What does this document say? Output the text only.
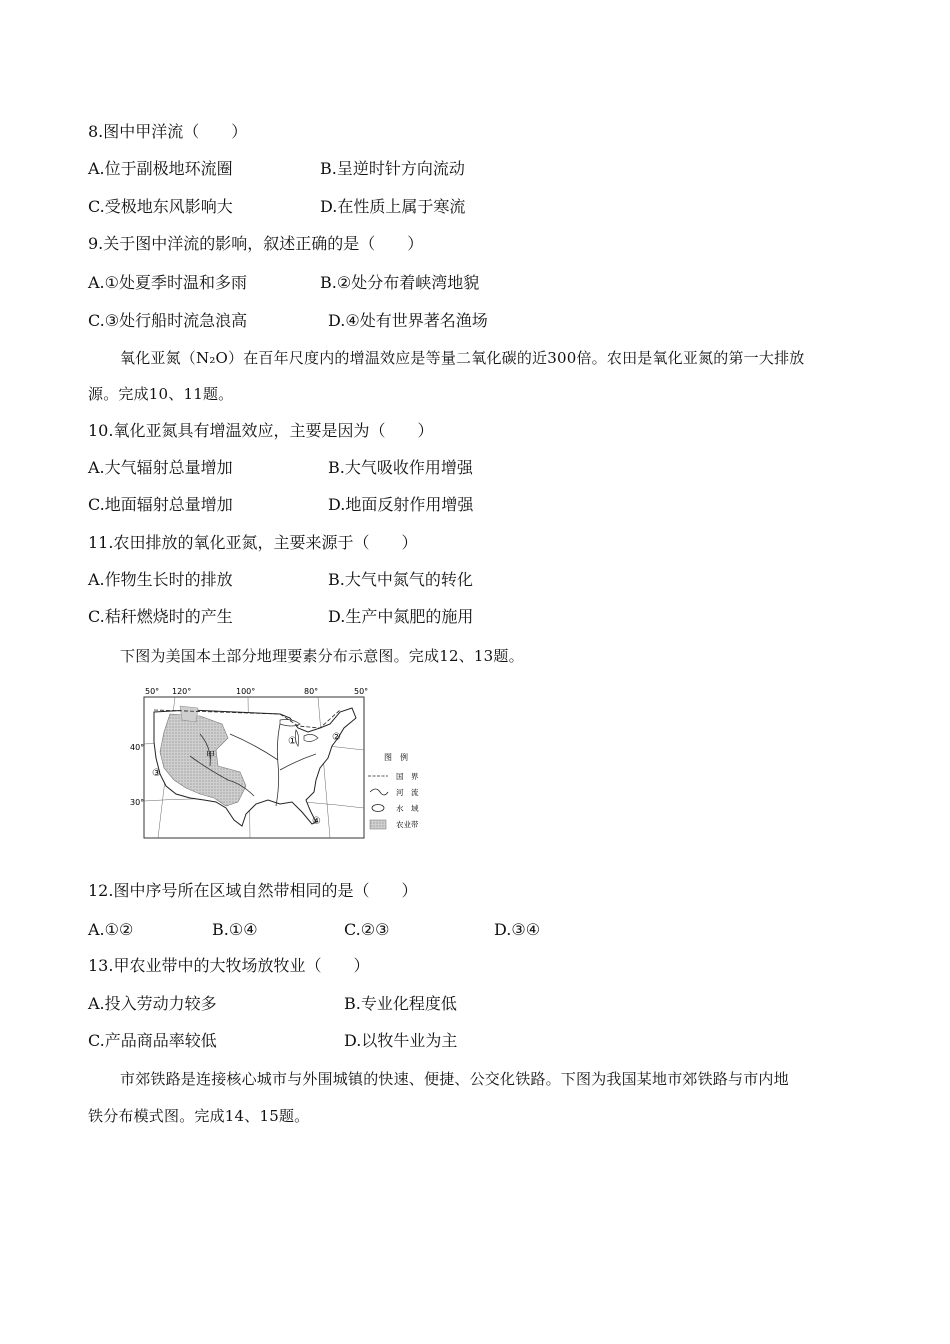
8.图中甲洋流（　　）
A.位于副极地环流圈	B.呈逆时针方向流动
C.受极地东风影响大	D.在性质上属于寒流
9.关于图中洋流的影响，叙述正确的是（　　）
A.①处夏季时温和多雨	B.②处分布着峡湾地貌
C.③处行船时流急浪高	D.④处有世界著名渔场
氧化亚氮（N₂O）在百年尺度内的增温效应是等量二氧化碳的近300倍。农田是氧化亚氮的第一大排放
源。完成10、11题。
10.氧化亚氮具有增温效应，主要是因为（　　）
A.大气辐射总量增加	B.大气吸收作用增强
C.地面辐射总量增加	D.地面反射作用增强
11.农田排放的氧化亚氮，主要来源于（　　）
A.作物生长时的排放	B.大气中氮气的转化
C.秸秆燃烧时的产生	D.生产中氮肥的施用
下图为美国本土部分地理要素分布示意图。完成12、13题。
50° 120°	100°	80°	50°
40°
30°
甲
①	②
③
④
图　例
国　界
河　流
水　域
农业带
12.图中序号所在区域自然带相同的是（　　）
A.①②	B.①④	C.②③	D.③④
13.甲农业带中的大牧场放牧业（　　）
A.投入劳动力较多	B.专业化程度低
C.产品商品率较低	D.以牧牛业为主
市郊铁路是连接核心城市与外围城镇的快速、便捷、公交化铁路。下图为我国某地市郊铁路与市内地
铁分布模式图。完成14、15题。
